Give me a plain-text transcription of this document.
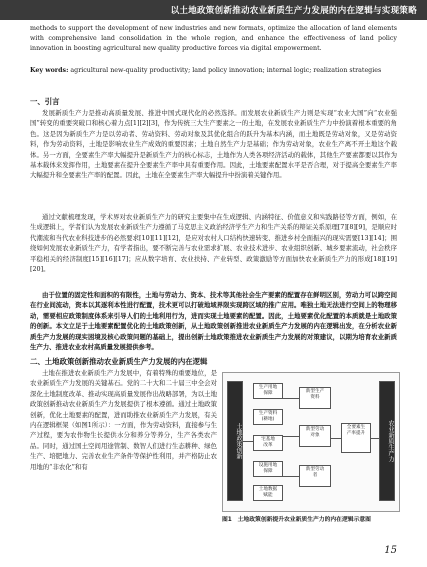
以土地政策创新推动农业新质生产力发展的内在逻辑与实现策略
methods to support the development of new industries and new formats, optimize the allocation of land elements with comprehensive land consolidation in the whole region, and enhance the effectiveness of land policy innovation in boosting agricultural new quality productive forces via digital empowerment.
Key words: agricultural new-quality productivity; land policy innovation; internal logic; realization strategies
一、引言
发展新质生产力是推动高质量发展、推进中国式现代化的必然选择。而发展农业新质生产力则是实现“农业大国”向“农业强国”转变的重要突破口和核心着力点[1][2][3]，作为传统三大生产要素之一的土地，在发展农业新质生产力中扮演着根本重要的角色。这是因为新质生产力是以劳动者、劳动资料、劳动对象及其优化组合的跃升为基本内涵，而土地既是劳动对象，又是劳动资料，作为劳动资料，土地是影响农业生产成效的重要因素；土地自然生产力是基础；作为劳动对象，农业生产离不开土地这个载体。另一方面，全要素生产率大幅提升是新质生产力的核心标志，土地作为人类各项经济活动的载体，其他生产要素都要以其作为基本载体来发挥作用，土地要素在提升全要素生产率中具有重要作用。因此，土地要素配置水平是否合理，对于提高全要素生产率大幅提升和全要素生产率的配置。因此，土地在全要素生产率大幅提升中扮演着关键作用。
通过文献梳理发现，学术界对农业新质生产力的研究主要集中在生成逻辑、内涵特征、价值意义和实践路径等方面，例如，在生成逻辑上，学者们认为发展农业新质生产力遵循了马克思主义政治经济学生产力和生产关系的辩证关系原理[7][8][9]，是顺应时代潮流和当代农业科技进步的必然要求[10][11][12]，是应对农村人口结构快速转变、推进乡村全面振兴的现实需要[13][14]；围绕如何发展农业新质生产力，有学者指出，要不断完善与农业需求扩展、农业技术进步、农业组织创新、城乡要素流动，社会秩序平稳相关的经济制度[15][16][17]；应从数字培育、农业扶持、产业转型、政策激励等方面加快农业新质生产力的形成[18][19][20]。
由于位置的固定性和面积的有限性，土地与劳动力、资本、技术等其他社会生产要素的配置存在鲜明区别，劳动力可以跨空间在行业间流动，资本以其逐利本性进行配置，技术更可以打破地域界限实现跨区域的推广应用。唯独土地无法进行空间上的物理移动，需要相应政策制度体系来引导人们的土地利用行为，进而实现土地要素的配置。因此，土地要素优化配置的本质就是土地政策的创新。本文立足于土地要素配置优化的土地政策创新，从土地政策创新推进农业新质生产力发展的内在逻辑出发，在分析农业新质生产力发展的现实困境及核心政策问题的基础上，提出创新土地政策推进农业新质生产力发展的对策建议，以期为培育农业新质生产力、推进农业农村高质量发展提供参考。
二、土地政策创新推动农业新质生产力发展的内在逻辑
土地在推进农业新质生产力发展中，有着特殊的重要地位，是农业新质生产力发展的关键基石。党的二十大和二十届三中全会对深化土地制度改革、推动实现高质量发展作出战略部署，为以土地政策创新推动农业新质生产力发展提供了根本遵循。通过土地政策创新，优化土地要素的配置，进而助推农业新质生产力发展，有关内在逻辑框架（如图1所示）：一方面，作为劳动资料，直接参与生产过程，要为农作物生长提供水分和养分等养分，生产各类农产品。同时，通过国土空间用途管制、数智人们进行生态耕种、绿色生产、培肥地力、完善农业生产条件等保护性利用，并产格防止农用地的“非农化”和有
土地政策创新	农业新质生产力
生产用地
保障
生产资料
(耕地)
宅基地
改革
设施用地
保障
土地数据
赋能
新型生产
资料
新型劳动
对象
新型劳动
者
全要素生
产率提升
图1　土地政策创新提升农业新质生产力的内在逻辑示意图
15
